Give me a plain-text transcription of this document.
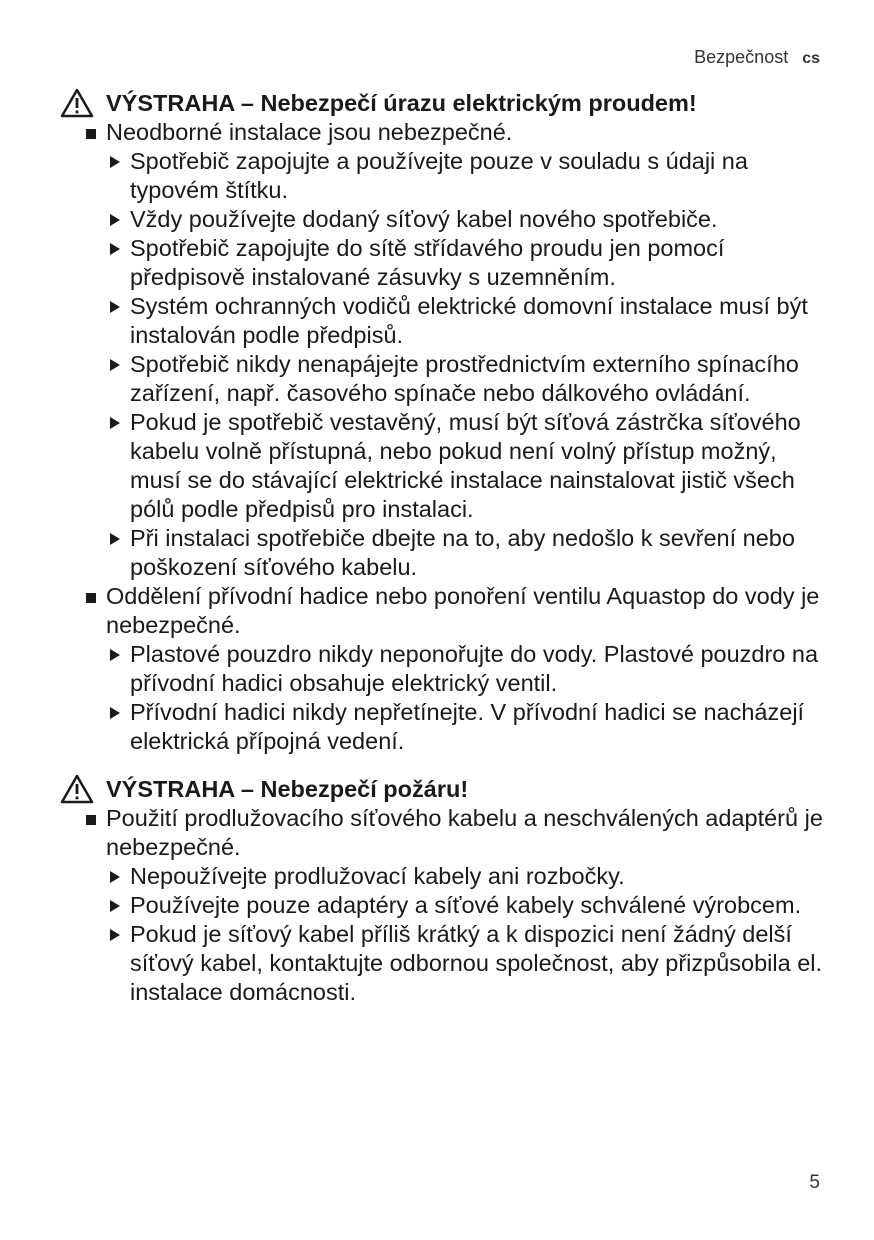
Bezpečnost cs
VÝSTRAHA – Nebezpečí úrazu elektrickým proudem!
Neodborné instalace jsou nebezpečné.
Spotřebič zapojujte a používejte pouze v souladu s údaji na typovém štítku.
Vždy používejte dodaný síťový kabel nového spotřebiče.
Spotřebič zapojujte do sítě střídavého proudu jen pomocí předpisově instalované zásuvky s uzemněním.
Systém ochranných vodičů elektrické domovní instalace musí být instalován podle předpisů.
Spotřebič nikdy nenapájejte prostřednictvím externího spínacího zařízení, např. časového spínače nebo dálkového ovládání.
Pokud je spotřebič vestavěný, musí být síťová zástrčka síťového kabelu volně přístupná, nebo pokud není volný přístup možný, musí se do stávající elektrické instalace nainstalovat jistič všech pólů podle předpisů pro instalaci.
Při instalaci spotřebiče dbejte na to, aby nedošlo k sevření nebo poškození síťového kabelu.
Oddělení přívodní hadice nebo ponoření ventilu Aquastop do vody je nebezpečné.
Plastové pouzdro nikdy neponořujte do vody. Plastové pouzdro na přívodní hadici obsahuje elektrický ventil.
Přívodní hadici nikdy nepřetínejte. V přívodní hadici se nacházejí elektrická přípojná vedení.
VÝSTRAHA – Nebezpečí požáru!
Použití prodlužovacího síťového kabelu a neschválených adaptérů je nebezpečné.
Nepoužívejte prodlužovací kabely ani rozbočky.
Používejte pouze adaptéry a síťové kabely schválené výrobcem.
Pokud je síťový kabel příliš krátký a k dispozici není žádný delší síťový kabel, kontaktujte odbornou společnost, aby přizpůsobila el. instalace domácnosti.
5
